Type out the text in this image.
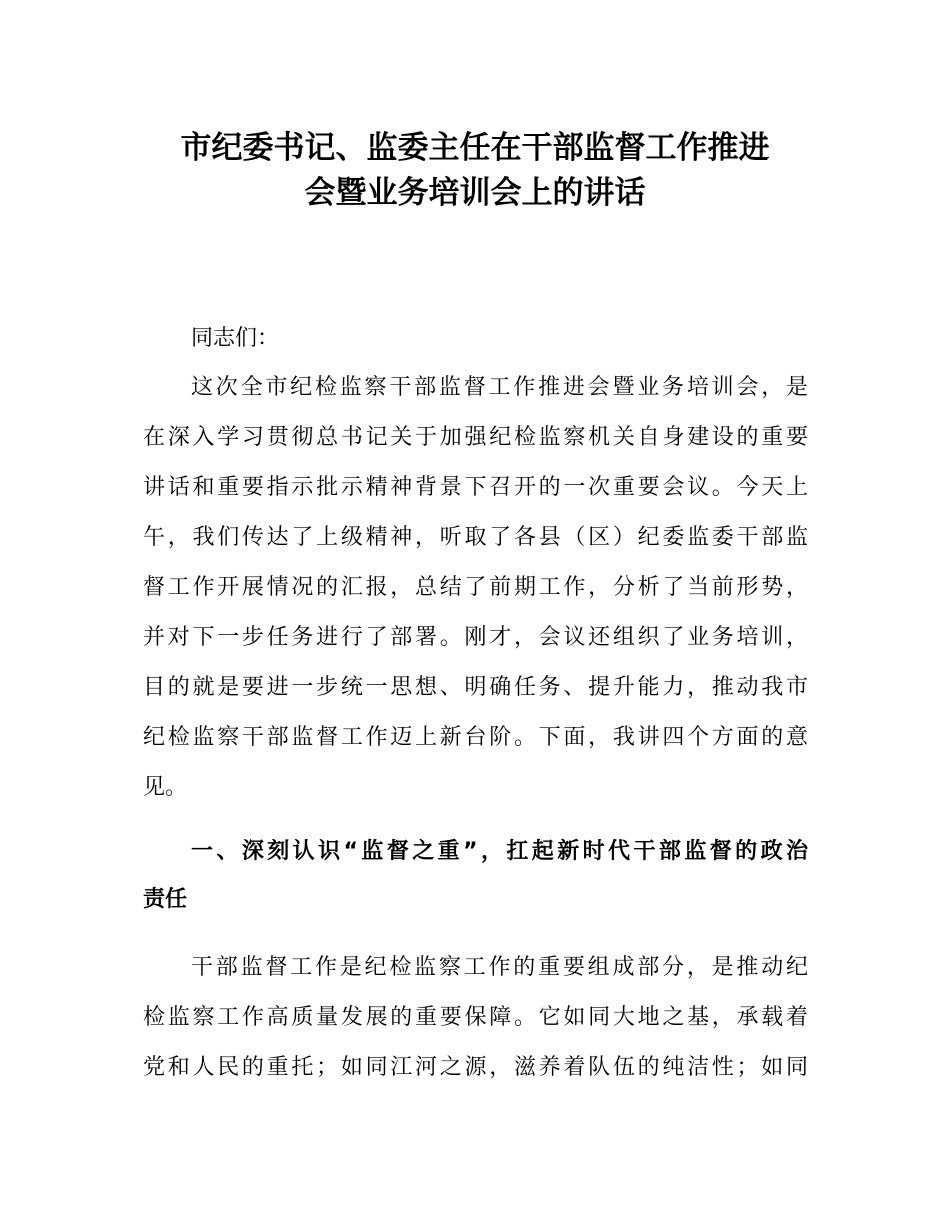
市纪委书记、监委主任在干部监督工作推进
会暨业务培训会上的讲话
同志们：
这次全市纪检监察干部监督工作推进会暨业务培训会，是
在深入学习贯彻总书记关于加强纪检监察机关自身建设的重要
讲话和重要指示批示精神背景下召开的一次重要会议。今天上
午，我们传达了上级精神，听取了各县（区）纪委监委干部监
督工作开展情况的汇报，总结了前期工作，分析了当前形势，
并对下一步任务进行了部署。刚才，会议还组织了业务培训，
目的就是要进一步统一思想、明确任务、提升能力，推动我市
纪检监察干部监督工作迈上新台阶。下面，我讲四个方面的意
见。
一、深刻认识“监督之重”，扛起新时代干部监督的政治
责任
干部监督工作是纪检监察工作的重要组成部分，是推动纪
检监察工作高质量发展的重要保障。它如同大地之基，承载着
党和人民的重托；如同江河之源，滋养着队伍的纯洁性；如同
